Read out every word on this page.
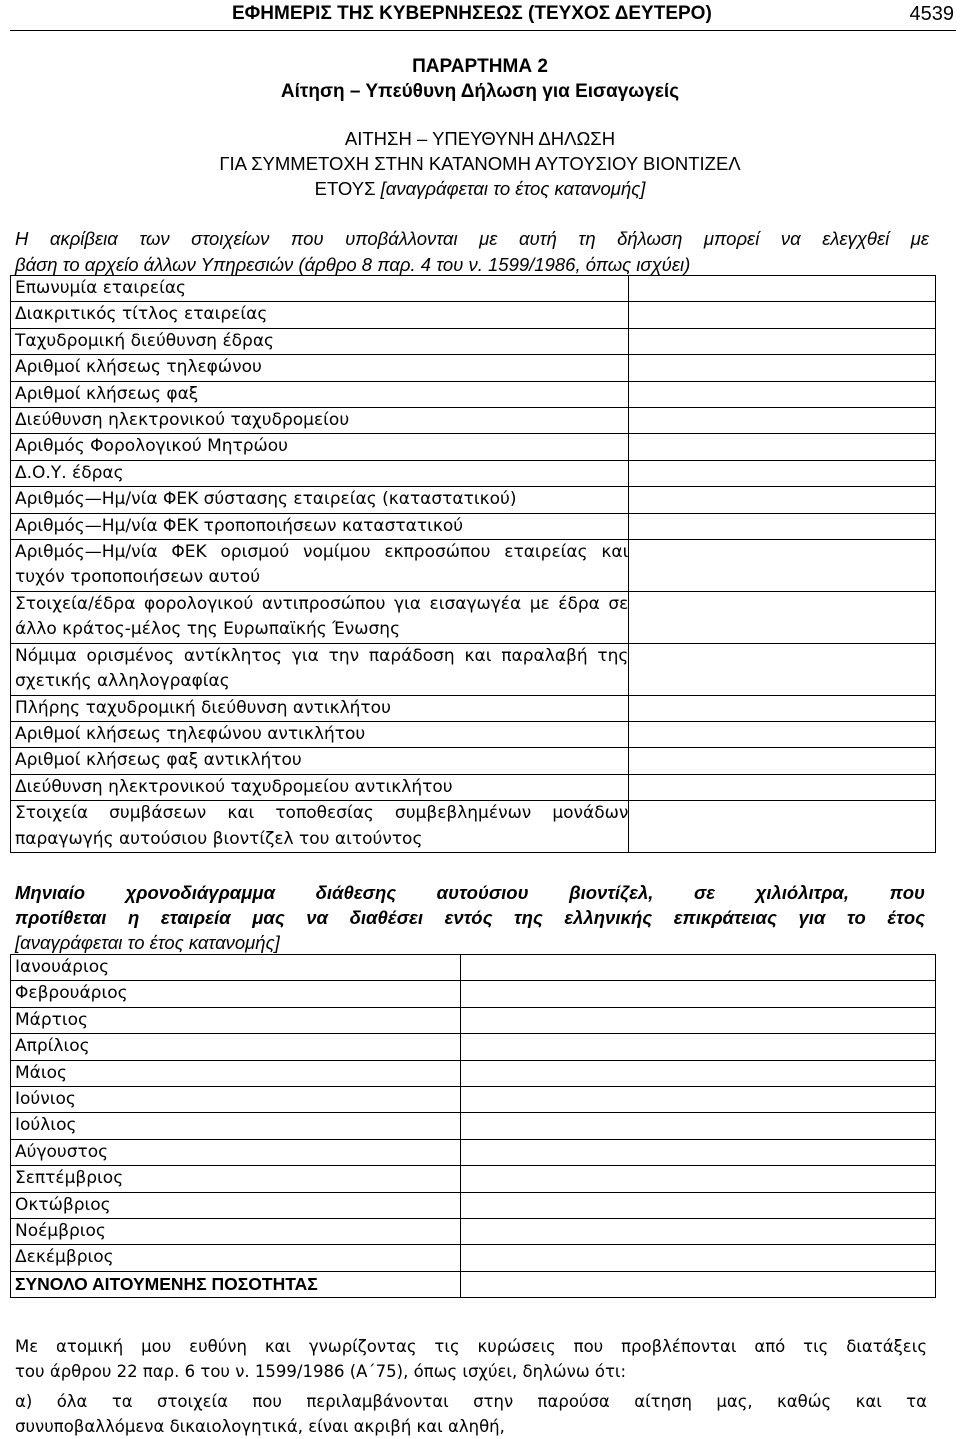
ΕΦΗΜΕΡΙΣ ΤΗΣ ΚΥΒΕΡΝΗΣΕΩΣ (ΤΕΥΧΟΣ ΔΕΥΤΕΡΟ)	4539
ΠΑΡΑΡΤΗΜΑ 2
Αίτηση – Υπεύθυνη Δήλωση για Εισαγωγείς
ΑΙΤΗΣΗ – ΥΠΕΥΘΥΝΗ ΔΗΛΩΣΗ
ΓΙΑ ΣΥΜΜΕΤΟΧΗ ΣΤΗΝ ΚΑΤΑΝΟΜΗ ΑΥΤΟΥΣΙΟΥ ΒΙΟΝΤΙΖΕΛ
ΕΤΟΥΣ [αναγράφεται το έτος κατανομής]
Η ακρίβεια των στοιχείων που υποβάλλονται με αυτή τη δήλωση μπορεί να ελεγχθεί με
βάση το αρχείο άλλων Υπηρεσιών (άρθρο 8 παρ. 4 του ν. 1599/1986, όπως ισχύει)
Επωνυμία εταιρείας	
Διακριτικός τίτλος εταιρείας	
Ταχυδρομική διεύθυνση έδρας	
Αριθμοί κλήσεως τηλεφώνου	
Αριθμοί κλήσεως φαξ	
Διεύθυνση ηλεκτρονικού ταχυδρομείου	
Αριθμός Φορολογικού Μητρώου	
Δ.Ο.Υ. έδρας	
Αριθμός—Ημ/νία ΦΕΚ σύστασης εταιρείας (καταστατικού)	
Αριθμός—Ημ/νία ΦΕΚ τροποποιήσεων καταστατικού	

Αριθμός—Ημ/νία ΦΕΚ ορισμού νομίμου εκπροσώπου εταιρείας και τυχόν τροποποιήσεων αυτού	

Στοιχεία/έδρα φορολογικού αντιπροσώπου για εισαγωγέα με έδρα σε άλλο κράτος-μέλος της Ευρωπαϊκής Ένωσης	

Νόμιμα ορισμένος αντίκλητος για την παράδοση και παραλαβή της σχετικής αλληλογραφίας	

Πλήρης ταχυδρομική διεύθυνση αντικλήτου	
Αριθμοί κλήσεως τηλεφώνου αντικλήτου	
Αριθμοί κλήσεως φαξ αντικλήτου	
Διεύθυνση ηλεκτρονικού ταχυδρομείου αντικλήτου	

Στοιχεία συμβάσεων και τοποθεσίας συμβεβλημένων μονάδων παραγωγής αυτούσιου βιοντίζελ του αιτούντος	

Μηνιαίο χρονοδιάγραμμα διάθεσης αυτούσιου βιοντίζελ, σε χιλιόλιτρα, που
προτίθεται η εταιρεία μας να διαθέσει εντός της ελληνικής επικράτειας για το έτος
[αναγράφεται το έτος κατανομής]
Ιανουάριος	
Φεβρουάριος	
Μάρτιος	
Απρίλιος	
Μάιος	
Ιούνιος	
Ιούλιος	
Αύγουστος	
Σεπτέμβριος	
Οκτώβριος	
Νοέμβριος	
Δεκέμβριος	
ΣΥΝΟΛΟ ΑΙΤΟΥΜΕΝΗΣ ΠΟΣΟΤΗΤΑΣ	
Με ατομική μου ευθύνη και γνωρίζοντας τις κυρώσεις που προβλέπονται από τις διατάξεις
του άρθρου 22 παρ. 6 του ν. 1599/1986 (Α΄75), όπως ισχύει, δηλώνω ότι:
α) όλα τα στοιχεία που περιλαμβάνονται στην παρούσα αίτηση μας, καθώς και τα
συνυποβαλλόμενα δικαιολογητικά, είναι ακριβή και αληθή,
